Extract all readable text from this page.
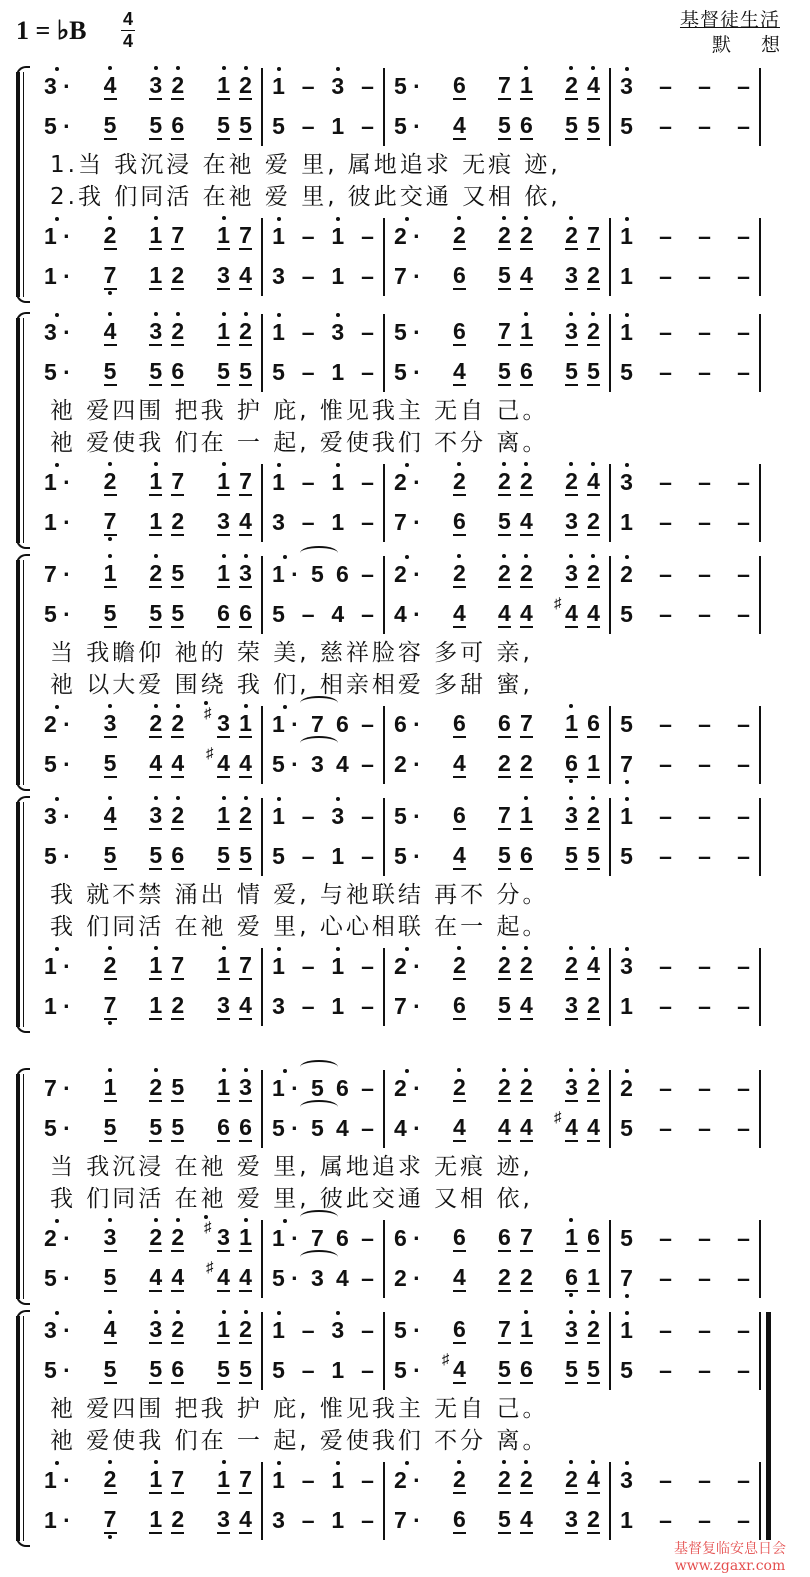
1 = ♭B 4
4
基督徒生活
默想
3 · 4 3 2 1 2 1 – 3 – 5 · 6 7 1 2 4 3 – – –
5 · 5 5 6 5 5 5 – 1 – 5 · 4 5 6 5 5 5 – – –
1 · 2 1 7 1 7 1 – 1 – 2 · 2 2 2 2 7 1 – – –
1 · 7 1 2 3 4 3 – 1 – 7 · 6 5 4 3 2 1 – – –
1.当 我沉浸 在祂 爱 里, 属地追求 无痕 迹,
2.我 们同活 在祂 爱 里, 彼此交通 又相 依,
3 · 4 3 2 1 2 1 – 3 – 5 · 6 7 1 3 2 1 – – –
5 · 5 5 6 5 5 5 – 1 – 5 · 4 5 6 5 5 5 – – –
1 · 2 1 7 1 7 1 – 1 – 2 · 2 2 2 2 4 3 – – –
1 · 7 1 2 3 4 3 – 1 – 7 · 6 5 4 3 2 1 – – –
祂 爱四围 把我 护 庇, 惟见我主 无自 己。
祂 爱使我 们在 一 起, 爱使我们 不分 离。
7 · 1 2 5 1 3 1 · 5 6 – 2 · 2 2 2 3 2 2 – – –
5 · 5 5 5 6 6 5 – 4 – 4 · 4 4 4 ♯ 4 4 5 – – –
2 · 3 2 2 ♯ 3 1 1 · 7 6 – 6 · 6 6 7 1 6 5 – – –
5 · 5 4 4 ♯ 4 4 5 · 3 4 – 2 · 4 2 2 6 1 7 – – –
当 我瞻仰 祂的 荣 美, 慈祥脸容 多可 亲,
祂 以大爱 围绕 我 们, 相亲相爱 多甜 蜜,
3 · 4 3 2 1 2 1 – 3 – 5 · 6 7 1 3 2 1 – – –
5 · 5 5 6 5 5 5 – 1 – 5 · 4 5 6 5 5 5 – – –
1 · 2 1 7 1 7 1 – 1 – 2 · 2 2 2 2 4 3 – – –
1 · 7 1 2 3 4 3 – 1 – 7 · 6 5 4 3 2 1 – – –
我 就不禁 涌出 情 爱, 与祂联结 再不 分。
我 们同活 在祂 爱 里, 心心相联 在一 起。
7 · 1 2 5 1 3 1 · 5 6 – 2 · 2 2 2 3 2 2 – – –
5 · 5 5 5 6 6 5 · 5 4 – 4 · 4 4 4 ♯ 4 4 5 – – –
2 · 3 2 2 ♯ 3 1 1 · 7 6 – 6 · 6 6 7 1 6 5 – – –
5 · 5 4 4 ♯ 4 4 5 · 3 4 – 2 · 4 2 2 6 1 7 – – –
当 我沉浸 在祂 爱 里, 属地追求 无痕 迹,
我 们同活 在祂 爱 里, 彼此交通 又相 依,
3 · 4 3 2 1 2 1 – 3 – 5 · 6 7 1 3 2 1 – – –
5 · 5 5 6 5 5 5 – 1 – 5 · ♯ 4 5 6 5 5 5 – – –
1 · 2 1 7 1 7 1 – 1 – 2 · 2 2 2 2 4 3 – – –
1 · 7 1 2 3 4 3 – 1 – 7 · 6 5 4 3 2 1 – – –
祂 爱四围 把我 护 庇, 惟见我主 无自 己。
祂 爱使我 们在 一 起, 爱使我们 不分 离。
基督复临安息日会
www.zgaxr.com
